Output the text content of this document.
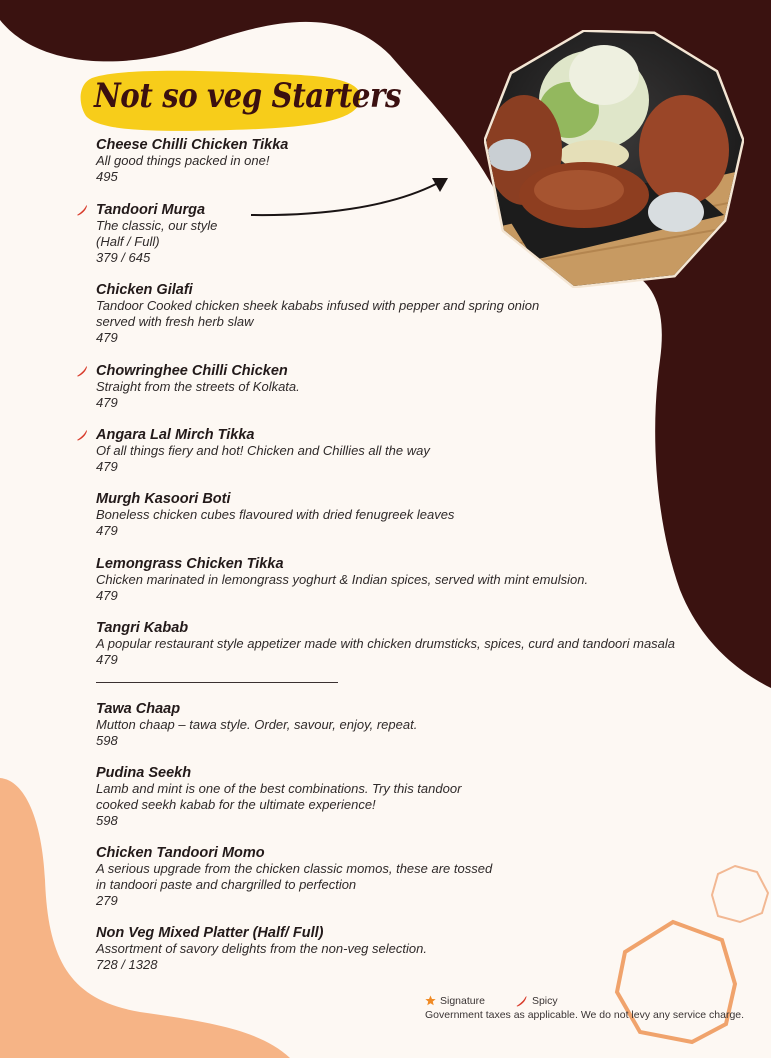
Not so veg Starters
Cheese Chilli Chicken Tikka
All good things packed in one!
495
Tandoori Murga
The classic, our style
(Half / Full)
379 / 645
Chicken Gilafi
Tandoor Cooked chicken sheek kababs infused with pepper and spring onion
served with fresh herb slaw
479
Chowringhee Chilli Chicken
Straight from the streets of Kolkata.
479
Angara Lal Mirch Tikka
Of all things fiery and hot! Chicken and Chillies all the way
479
Murgh Kasoori Boti
Boneless chicken cubes flavoured with dried fenugreek leaves
479
Lemongrass Chicken Tikka
Chicken marinated in lemongrass yoghurt & Indian spices, served with mint emulsion.
479
Tangri Kabab
A popular restaurant style appetizer made with chicken drumsticks, spices, curd and tandoori masala
479
Tawa Chaap
Mutton chaap – tawa style. Order, savour, enjoy, repeat.
598
Pudina Seekh
Lamb and mint is one of the best combinations. Try this tandoor
cooked seekh kabab for the ultimate experience!
598
Chicken Tandoori Momo
A serious upgrade from the chicken classic momos, these are tossed
in tandoori paste and chargrilled to perfection
279
Non Veg Mixed Platter (Half/ Full)
Assortment of savory delights from the non-veg selection.
728 / 1328
Signature	Spicy
Government taxes as applicable. We do not levy any service charge.
